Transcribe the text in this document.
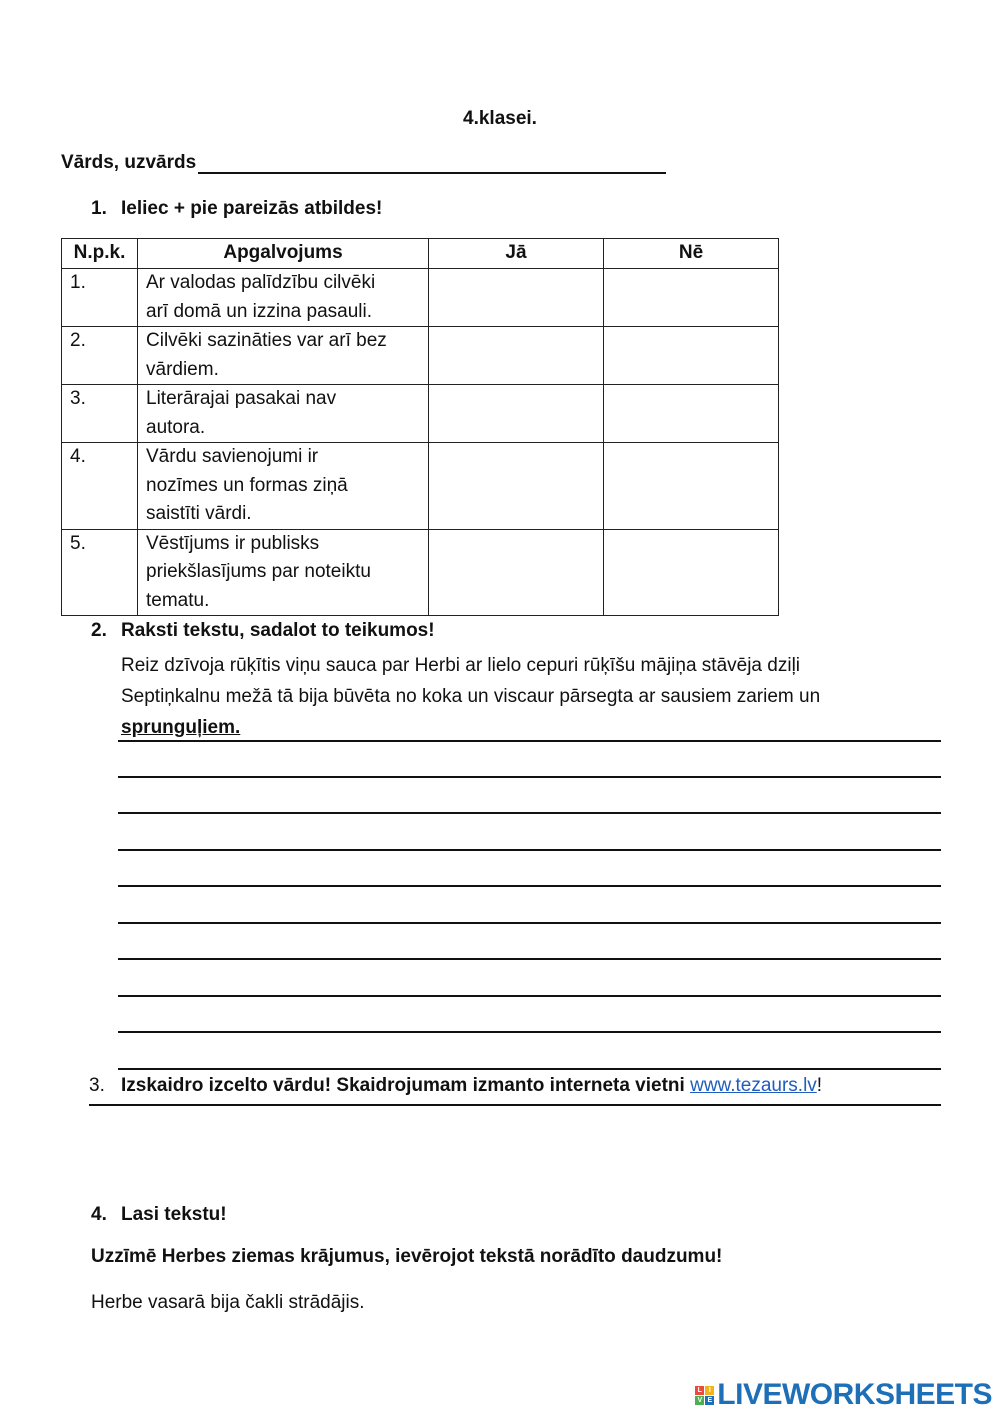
4.klasei.
Vārds, uzvārds
1. Ieliec + pie pareizās atbildes!
N.p.k.	Apgalvojums	Jā	Nē
1.	Ar valodas palīdzību cilvēki
arī domā un izzina pasauli.		

2.	Cilvēki sazināties var arī bez
vārdiem.		

3.	Literārajai pasakai nav
autora.		

4.	Vārdu savienojumi ir
nozīmes un formas ziņā
saistīti vārdi.		

5.	Vēstījums ir publisks
priekšlasījums par noteiktu
tematu.		

2. Raksti tekstu, sadalot to teikumos!
Reiz dzīvoja rūķītis viņu sauca par Herbi ar lielo cepuri rūķīšu mājiņa stāvēja dziļi
Septiņkalnu mežā tā bija būvēta no koka un viscaur pārsegta ar sausiem zariem un
sprunguļiem.
3. Izskaidro izcelto vārdu! Skaidrojumam izmanto interneta vietni www.tezaurs.lv!
4. Lasi tekstu!
Uzzīmē Herbes ziemas krājumus, ievērojot tekstā norādīto daudzumu!
Herbe vasarā bija čakli strādājis.
L I
V E LIVEWORKSHEETS
